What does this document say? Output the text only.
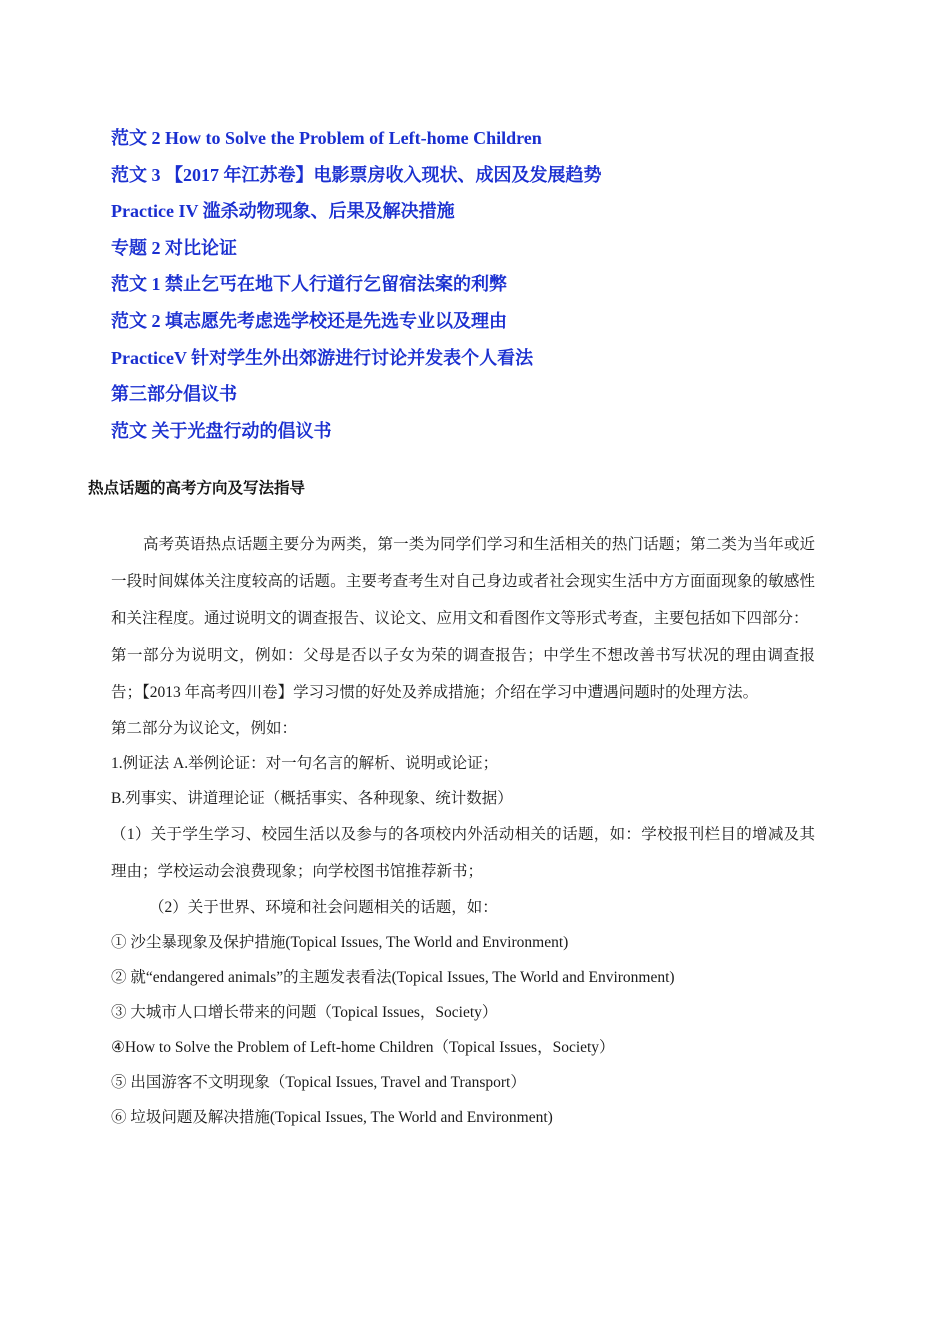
范文 2 How to Solve the Problem of Left-home Children
范文 3 【2017 年江苏卷】电影票房收入现状、成因及发展趋势
Practice IV 滥杀动物现象、后果及解决措施
专题 2 对比论证
范文 1 禁止乞丐在地下人行道行乞留宿法案的利弊
范文 2 填志愿先考虑选学校还是先选专业以及理由
PracticeV 针对学生外出郊游进行讨论并发表个人看法
第三部分倡议书
范文 关于光盘行动的倡议书
热点话题的高考方向及写法指导

高考英语热点话题主要分为两类，第一类为同学们学习和生活相关的热门话题；第二类为当年或近一段时间媒体关注度较高的话题。主要考查考生对自己身边或者社会现实生活中方方面面现象的敏感性和关注程度。通过说明文的调查报告、议论文、应用文和看图作文等形式考查，主要包括如下四部分：

第一部分为说明文，例如：父母是否以子女为荣的调查报告；中学生不想改善书写状况的理由调查报告；【2013 年高考四川卷】学习习惯的好处及养成措施；介绍在学习中遭遇问题时的处理方法。

第二部分为议论文，例如：

1.例证法 A.举例论证：对一句名言的解析、说明或论证；

B.列事实、讲道理论证（概括事实、各种现象、统计数据）

（1）关于学生学习、校园生活以及参与的各项校内外活动相关的话题，如：学校报刊栏目的增减及其理由；学校运动会浪费现象；向学校图书馆推荐新书；

（2）关于世界、环境和社会问题相关的话题，如：

① 沙尘暴现象及保护措施(Topical Issues, The World and Environment)

② 就“endangered animals”的主题发表看法(Topical Issues, The World and Environment)

③ 大城市人口增长带来的问题（Topical Issues，Society）

④How to Solve the Problem of Left-home Children（Topical Issues，Society）

⑤ 出国游客不文明现象（Topical Issues, Travel and Transport）

⑥ 垃圾问题及解决措施(Topical Issues, The World and Environment)
